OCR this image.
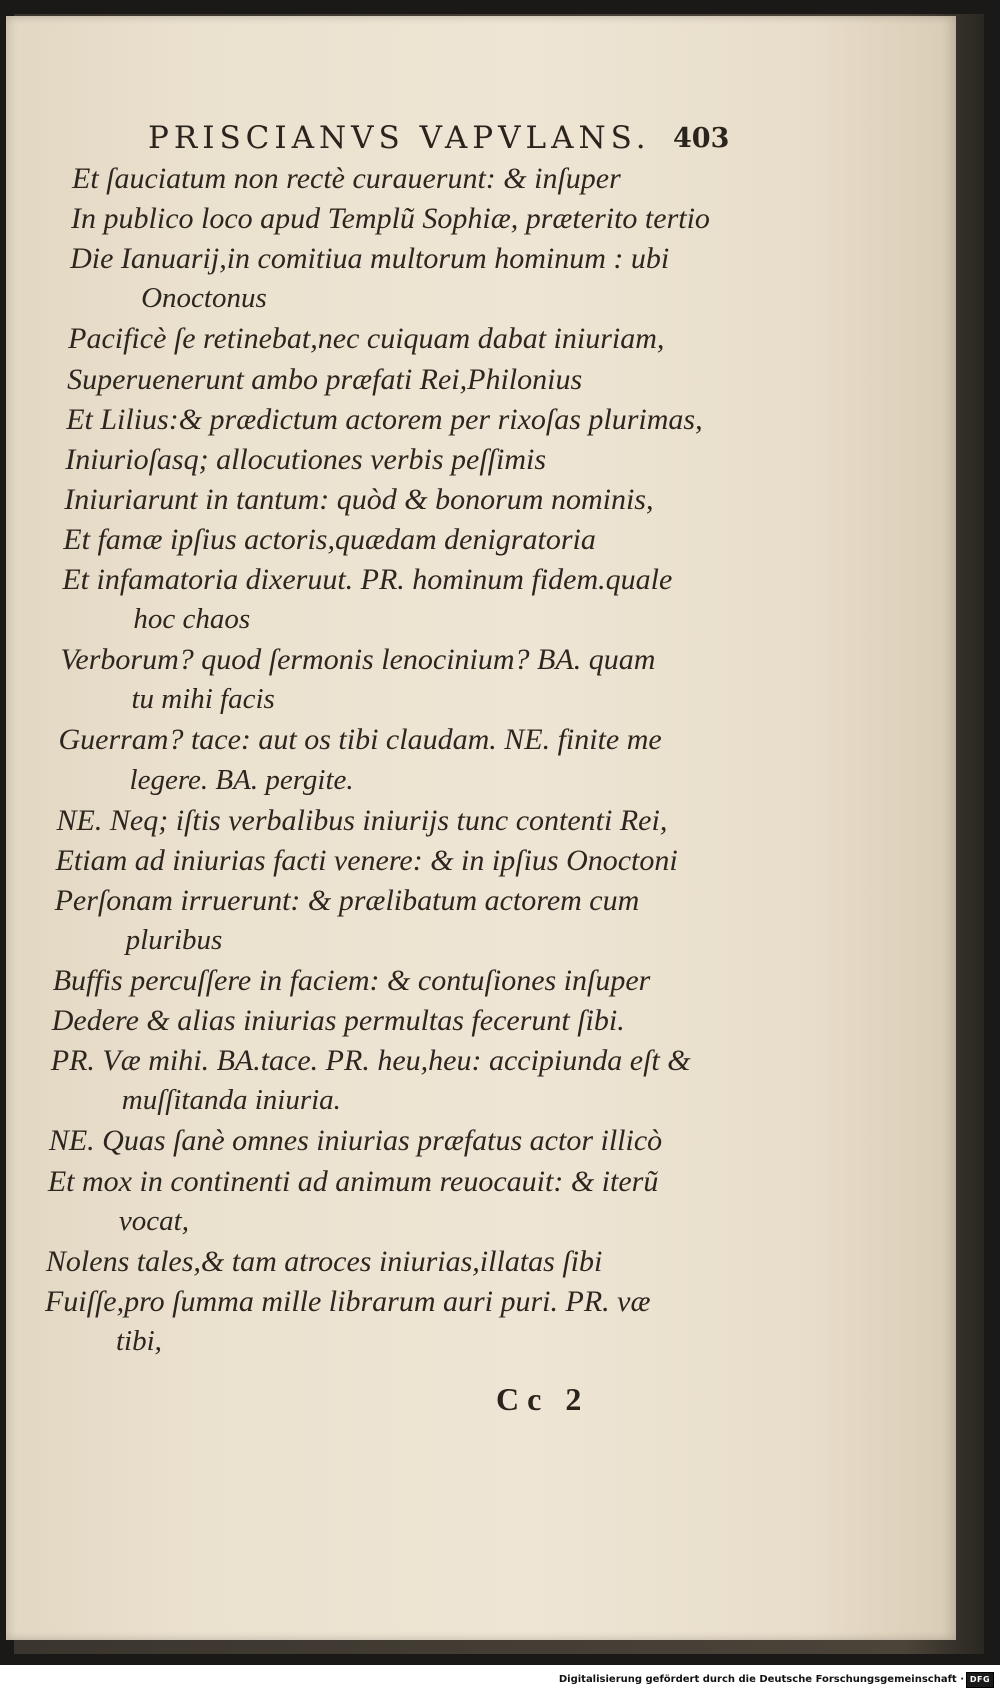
PRISCIANVS VAPVLANS. 403
Et ſauciatum non rectè curauerunt: & inſuper
In publico loco apud Templũ Sophiæ, præterito tertio
Die Ianuarij,in comitiua multorum hominum : ubi
Onoctonus
Pacificè ſe retinebat,nec cuiquam dabat iniuriam,
Superuenerunt ambo præfati Rei,Philonius
Et Lilius:& prædictum actorem per rixoſas plurimas,
Iniurioſasq; allocutiones verbis peſſimis
Iniuriarunt in tantum: quòd & bonorum nominis,
Et famæ ipſius actoris,quædam denigratoria
Et infamatoria dixeruut. PR. hominum fidem.quale
hoc chaos
Verborum? quod ſermonis lenocinium? BA. quam
tu mihi facis
Guerram? tace: aut os tibi claudam. NE. finite me
legere. BA. pergite.
NE. Neq; iſtis verbalibus iniurijs tunc contenti Rei,
Etiam ad iniurias facti venere: & in ipſius Onoctoni
Perſonam irruerunt: & prælibatum actorem cum
pluribus
Buffis percuſſere in faciem: & contuſiones inſuper
Dedere & alias iniurias permultas fecerunt ſibi.
PR. Væ mihi. BA.tace. PR. heu,heu: accipiunda eſt &
muſſitanda iniuria.
NE. Quas ſanè omnes iniurias præfatus actor illicò
Et mox in continenti ad animum reuocauit: & iterũ
vocat,
Nolens tales,& tam atroces iniurias,illatas ſibi
Fuiſſe,pro ſumma mille librarum auri puri. PR. væ
tibi,
Cc 2
Digitalisierung gefördert durch die Deutsche Forschungsgemeinschaft · DFG
